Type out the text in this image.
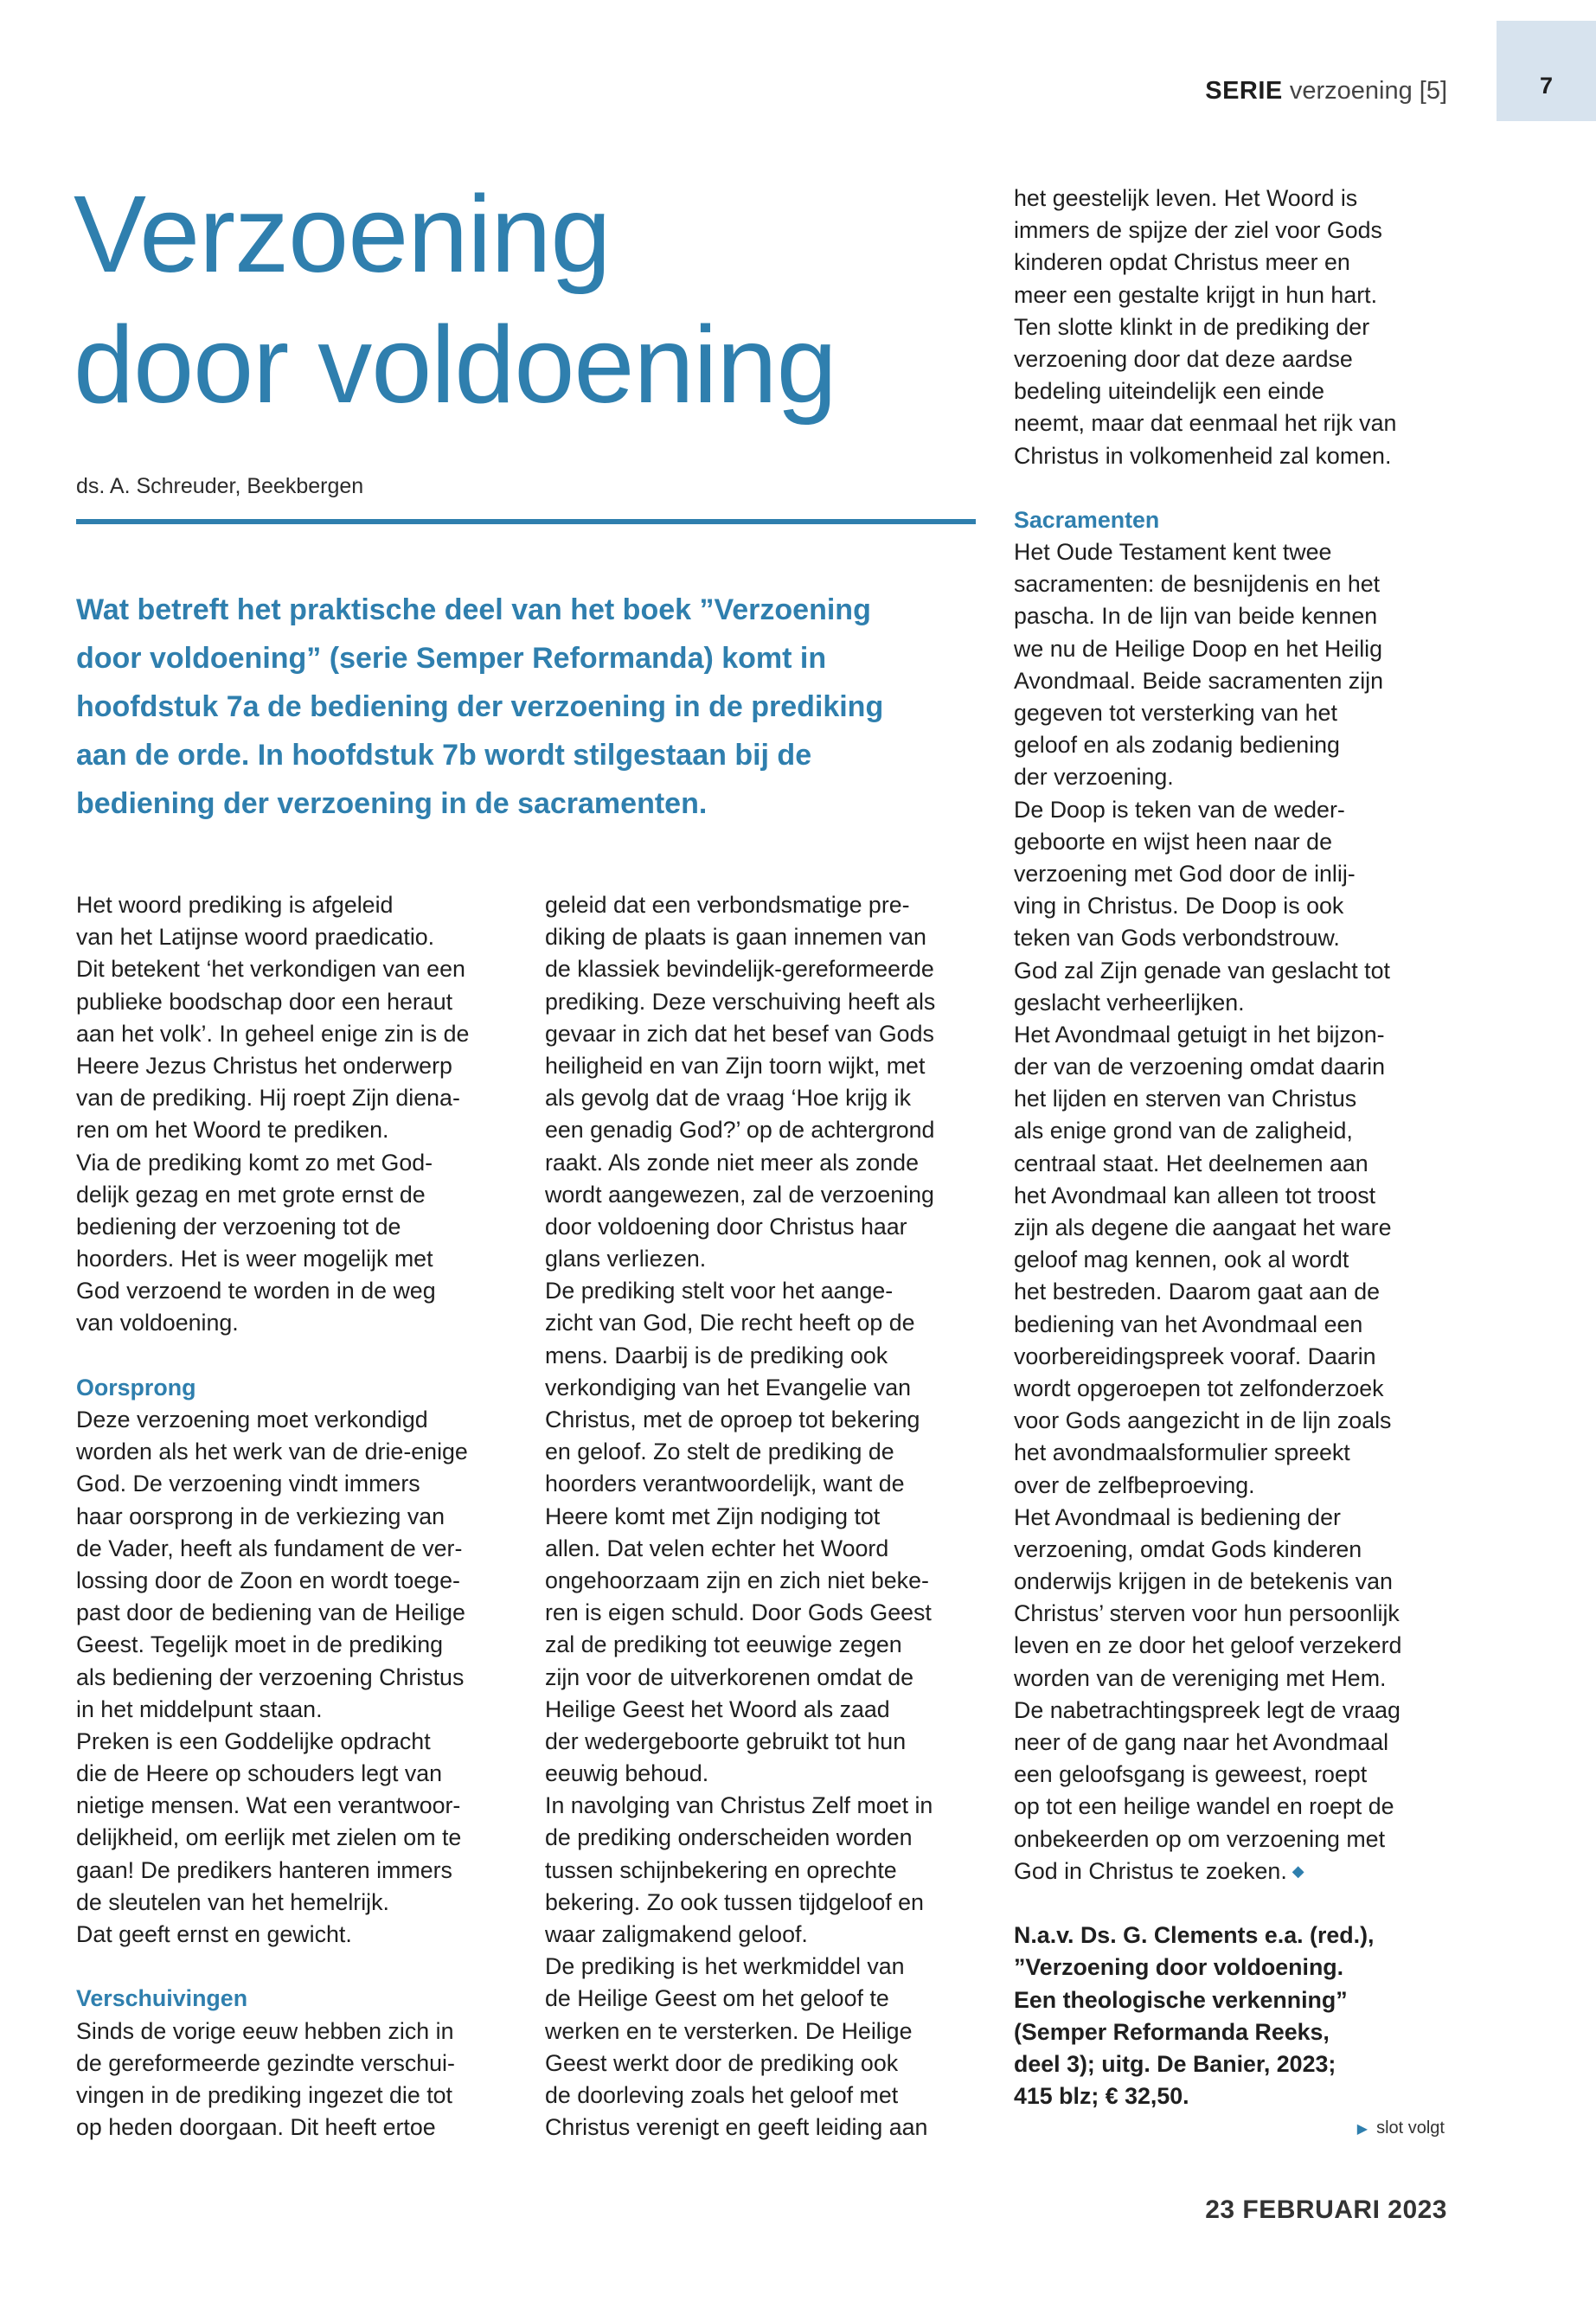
7
SERIE verzoening [5]
Verzoening
door voldoening
ds. A. Schreuder, Beekbergen
Wat betreft het praktische deel van het boek ”Verzoening
door voldoening” (serie Semper Reformanda) komt in
hoofdstuk 7a de bediening der verzoening in de prediking
aan de orde. In hoofdstuk 7b wordt stilgestaan bij de
bediening der verzoening in de sacramenten.
Het woord prediking is afgeleid
van het Latijnse woord praedicatio.
Dit betekent ‘het verkondigen van een
publieke boodschap door een heraut
aan het volk’. In geheel enige zin is de
Heere Jezus Christus het onderwerp
van de prediking. Hij roept Zijn diena-
ren om het Woord te prediken.
Via de prediking komt zo met God-
delijk gezag en met grote ernst de
bediening der verzoening tot de
hoorders. Het is weer mogelijk met
God verzoend te worden in de weg
van voldoening.
Oorsprong
Deze verzoening moet verkondigd
worden als het werk van de drie-enige
God. De verzoening vindt immers
haar oorsprong in de verkiezing van
de Vader, heeft als fundament de ver-
lossing door de Zoon en wordt toege-
past door de bediening van de Heilige
Geest. Tegelijk moet in de prediking
als bediening der verzoening Christus
in het middelpunt staan.
Preken is een Goddelijke opdracht
die de Heere op schouders legt van
nietige mensen. Wat een verantwoor-
delijkheid, om eerlijk met zielen om te
gaan! De predikers hanteren immers
de sleutelen van het hemelrijk.
Dat geeft ernst en gewicht.
Verschuivingen
Sinds de vorige eeuw hebben zich in
de gereformeerde gezindte verschui-
vingen in de prediking ingezet die tot
op heden doorgaan. Dit heeft ertoe
geleid dat een verbondsmatige pre-
diking de plaats is gaan innemen van
de klassiek bevindelijk-gereformeerde
prediking. Deze verschuiving heeft als
gevaar in zich dat het besef van Gods
heiligheid en van Zijn toorn wijkt, met
als gevolg dat de vraag ‘Hoe krijg ik
een genadig God?’ op de achtergrond
raakt. Als zonde niet meer als zonde
wordt aangewezen, zal de verzoening
door voldoening door Christus haar
glans verliezen.
De prediking stelt voor het aange-
zicht van God, Die recht heeft op de
mens. Daarbij is de prediking ook
verkondiging van het Evangelie van
Christus, met de oproep tot bekering
en geloof. Zo stelt de prediking de
hoorders verantwoordelijk, want de
Heere komt met Zijn nodiging tot
allen. Dat velen echter het Woord
ongehoorzaam zijn en zich niet beke-
ren is eigen schuld. Door Gods Geest
zal de prediking tot eeuwige zegen
zijn voor de uitverkorenen omdat de
Heilige Geest het Woord als zaad
der wedergeboorte gebruikt tot hun
eeuwig behoud.
In navolging van Christus Zelf moet in
de prediking onderscheiden worden
tussen schijnbekering en oprechte
bekering. Zo ook tussen tijdgeloof en
waar zaligmakend geloof.
De prediking is het werkmiddel van
de Heilige Geest om het geloof te
werken en te versterken. De Heilige
Geest werkt door de prediking ook
de doorleving zoals het geloof met
Christus verenigt en geeft leiding aan
het geestelijk leven. Het Woord is
immers de spijze der ziel voor Gods
kinderen opdat Christus meer en
meer een gestalte krijgt in hun hart.
Ten slotte klinkt in de prediking der
verzoening door dat deze aardse
bedeling uiteindelijk een einde
neemt, maar dat eenmaal het rijk van
Christus in volkomenheid zal komen.
Sacramenten
Het Oude Testament kent twee
sacramenten: de besnijdenis en het
pascha. In de lijn van beide kennen
we nu de Heilige Doop en het Heilig
Avondmaal. Beide sacramenten zijn
gegeven tot versterking van het
geloof en als zodanig bediening
der verzoening.
De Doop is teken van de weder-
geboorte en wijst heen naar de
verzoening met God door de inlij-
ving in Christus. De Doop is ook
teken van Gods verbondstrouw.
God zal Zijn genade van geslacht tot
geslacht verheerlijken.
Het Avondmaal getuigt in het bijzon-
der van de verzoening omdat daarin
het lijden en sterven van Christus
als enige grond van de zaligheid,
centraal staat. Het deelnemen aan
het Avondmaal kan alleen tot troost
zijn als degene die aangaat het ware
geloof mag kennen, ook al wordt
het bestreden. Daarom gaat aan de
bediening van het Avondmaal een
voorbereidingspreek vooraf. Daarin
wordt opgeroepen tot zelfonderzoek
voor Gods aangezicht in de lijn zoals
het avondmaalsformulier spreekt
over de zelfbeproeving.
Het Avondmaal is bediening der
verzoening, omdat Gods kinderen
onderwijs krijgen in de betekenis van
Christus’ sterven voor hun persoonlijk
leven en ze door het geloof verzekerd
worden van de vereniging met Hem.
De nabetrachtingspreek legt de vraag
neer of de gang naar het Avondmaal
een geloofsgang is geweest, roept
op tot een heilige wandel en roept de
onbekeerden op om verzoening met
God in Christus te zoeken. ◆
N.a.v. Ds. G. Clements e.a. (red.),
”Verzoening door voldoening.
Een theologische verkenning”
(Semper Reformanda Reeks,
deel 3); uitg. De Banier, 2023;
415 blz; € 32,50.
▶ slot volgt
23 FEBRUARI 2023
